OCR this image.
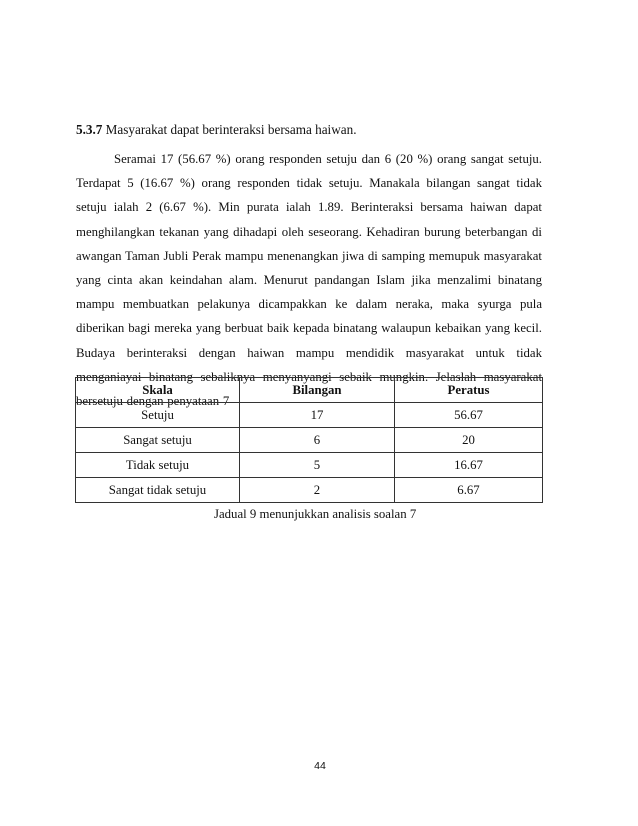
5.3.7 Masyarakat dapat berinteraksi bersama haiwan.
Seramai 17 (56.67 %) orang responden setuju dan 6 (20 %) orang sangat setuju. Terdapat 5 (16.67 %) orang responden tidak setuju. Manakala bilangan sangat tidak setuju ialah 2 (6.67 %). Min purata ialah 1.89. Berinteraksi bersama haiwan dapat menghilangkan tekanan yang dihadapi oleh seseorang. Kehadiran burung beterbangan di awangan Taman Jubli Perak mampu menenangkan jiwa di samping memupuk masyarakat yang cinta akan keindahan alam. Menurut pandangan Islam jika menzalimi binatang mampu membuatkan pelakunya dicampakkan ke dalam neraka, maka syurga pula diberikan bagi mereka yang berbuat baik kepada binatang walaupun kebaikan yang kecil. Budaya berinteraksi dengan haiwan mampu mendidik masyarakat untuk tidak menganiayai binatang sebaliknya menyanyangi sebaik mungkin. Jelaslah masyarakat bersetuju dengan penyataan 7
Skala	Bilangan	Peratus
Setuju	17	56.67
Sangat setuju	6	20
Tidak setuju	5	16.67
Sangat tidak setuju	2	6.67
Jadual 9 menunjukkan analisis soalan 7
44
